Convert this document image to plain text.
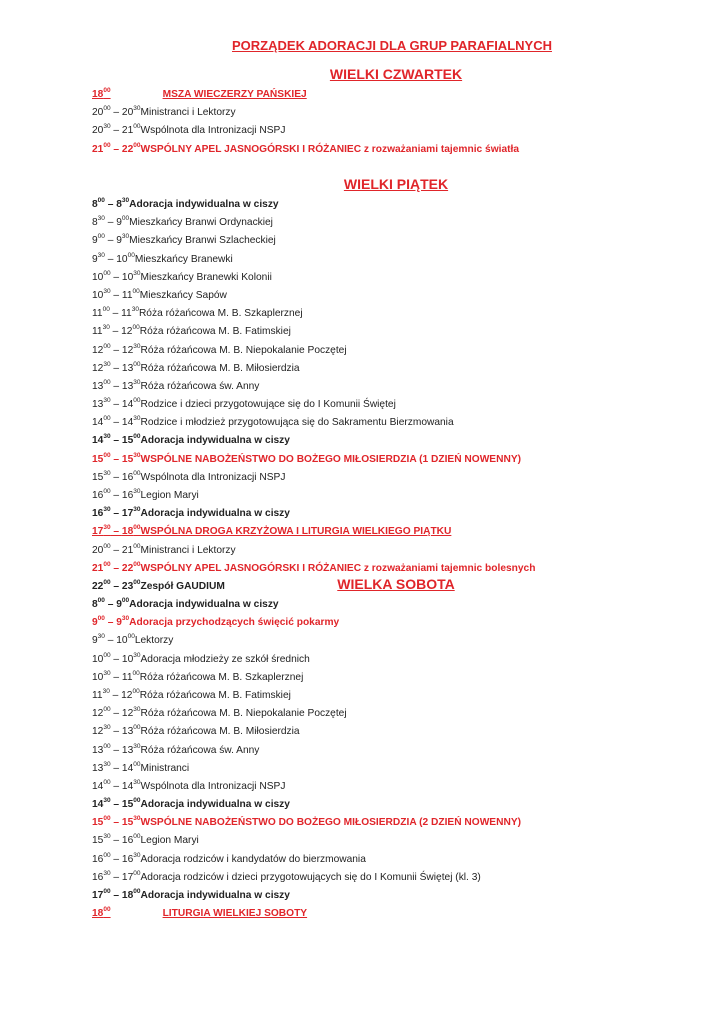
PORZĄDEK ADORACJI DLA GRUP PARAFIALNYCH
WIELKI CZWARTEK
$18^{00}$	MSZA WIECZERZY PAŃSKIEJ
$20^{00}$ – $20^{30}Ministranci$ i Lektorzy
$20^{30}$ – $21^{00}Wspólnota$ dla Intronizacji NSPJ
$21^{00}$ – $22^{00}WSPÓLNY$ APEL JASNOGÓRSKI I RÓŻANIEC z rozważaniami tajemnic światła
WIELKI PIĄTEK
$8^{00}$ – $8^{30}Adoracja$ indywidualna w ciszy
$8^{30}$ – $9^{00}Mieszkańcy$ Branwi Ordynackiej
$9^{00}$ – $9^{30}Mieszkańcy$ Branwi Szlacheckiej
$9^{30}$ – $10^{00}Mieszkańcy$ Branewki
$10^{00}$ – $10^{30}Mieszkańcy$ Branewki Kolonii
$10^{30}$ – $11^{00}Mieszkańcy$ Sapów
$11^{00}$ – $11^{30}Róża$ różańcowa M. B. Szkaplerznej
$11^{30}$ – $12^{00}Róża$ różańcowa M. B. Fatimskiej
$12^{00}$ – $12^{30}Róża$ różańcowa M. B. Niepokalanie Poczętej
$12^{30}$ – $13^{00}Róża$ różańcowa M. B. Miłosierdzia
$13^{00}$ – $13^{30}Róża$ różańcowa św. Anny
$13^{30}$ – $14^{00}Rodzice$ i dzieci przygotowujące się do I Komunii Świętej
$14^{00}$ – $14^{30}Rodzice$ i młodzież przygotowująca się do Sakramentu Bierzmowania
$14^{30}$ – $15^{00}Adoracja$ indywidualna w ciszy
$15^{00}$ – $15^{30}WSPÓLNE$ NABOŻEŃSTWO DO BOŻEGO MIŁOSIERDZIA (1 DZIEŃ NOWENNY)
$15^{30}$ – $16^{00}Wspólnota$ dla Intronizacji NSPJ
$16^{00}$ – $16^{30}Legion$ Maryi
$16^{30}$ – $17^{30}Adoracja$ indywidualna w ciszy
$17^{30}$ – $18^{00}WSPÓLNA$ DROGA KRZYŻOWA I LITURGIA WIELKIEGO PIĄTKU
$20^{00}$ – $21^{00}Ministranci$ i Lektorzy
$21^{00}$ – $22^{00}WSPÓLNY$ APEL JASNOGÓRSKI I RÓŻANIEC z rozważaniami tajemnic bolesnych
$22^{00}$ – $23^{00}Zespół$ GAUDIUM	WIELKA SOBOTA
$8^{00}$ – $9^{00}Adoracja$ indywidualna w ciszy
$9^{00}$ – $9^{30}Adoracja$ przychodzących święcić pokarmy
$9^{30}$ – $10^{00}Lektorzy$
$10^{00}$ – $10^{30}Adoracja$ młodzieży ze szkół średnich
$10^{30}$ – $11^{00}Róża$ różańcowa M. B. Szkaplerznej
$11^{30}$ – $12^{00}Róża$ różańcowa M. B. Fatimskiej
$12^{00}$ – $12^{30}Róża$ różańcowa M. B. Niepokalanie Poczętej
$12^{30}$ – $13^{00}Róża$ różańcowa M. B. Miłosierdzia
$13^{00}$ – $13^{30}Róża$ różańcowa św. Anny
$13^{30}$ – $14^{00}Ministranci$
$14^{00}$ – $14^{30}Wspólnota$ dla Intronizacji NSPJ
$14^{30}$ – $15^{00}Adoracja$ indywidualna w ciszy
$15^{00}$ – $15^{30}WSPÓLNE$ NABOŻEŃSTWO DO BOŻEGO MIŁOSIERDZIA (2 DZIEŃ NOWENNY)
$15^{30}$ – $16^{00}Legion$ Maryi
$16^{00}$ – $16^{30}Adoracja$ rodziców i kandydatów do bierzmowania
$16^{30}$ – $17^{00}Adoracja$ rodziców i dzieci przygotowujących się do I Komunii Świętej (kl. 3)
$17^{00}$ – $18^{00}Adoracja$ indywidualna w ciszy
$18^{00}$	LITURGIA WIELKIEJ SOBOTY
